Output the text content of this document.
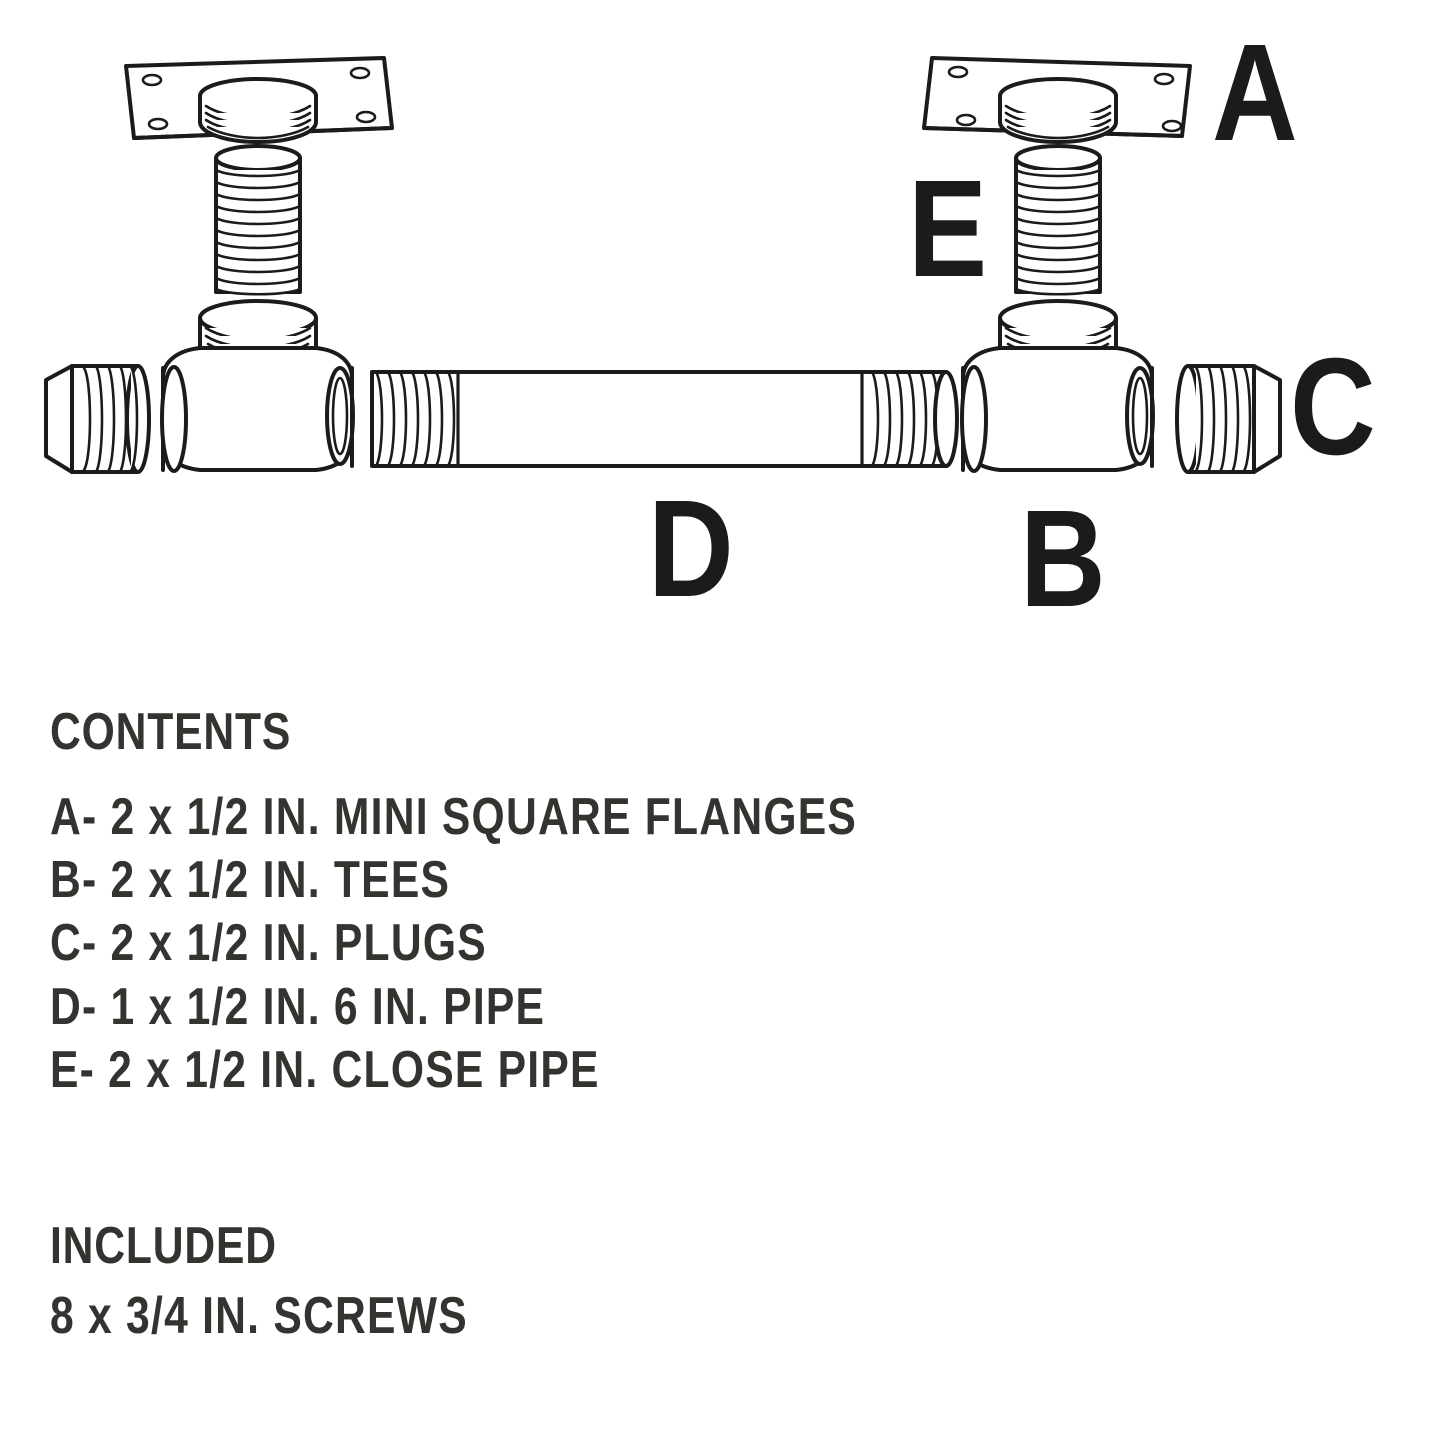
A
E
C
D B
CONTENTS
A- 2 x 1/2 IN. MINI SQUARE FLANGES
B- 2 x 1/2 IN. TEES
C- 2 x 1/2 IN. PLUGS
D- 1 x 1/2 IN. 6 IN. PIPE
E- 2 x 1/2 IN. CLOSE PIPE
INCLUDED
8 x 3/4 IN. SCREWS
